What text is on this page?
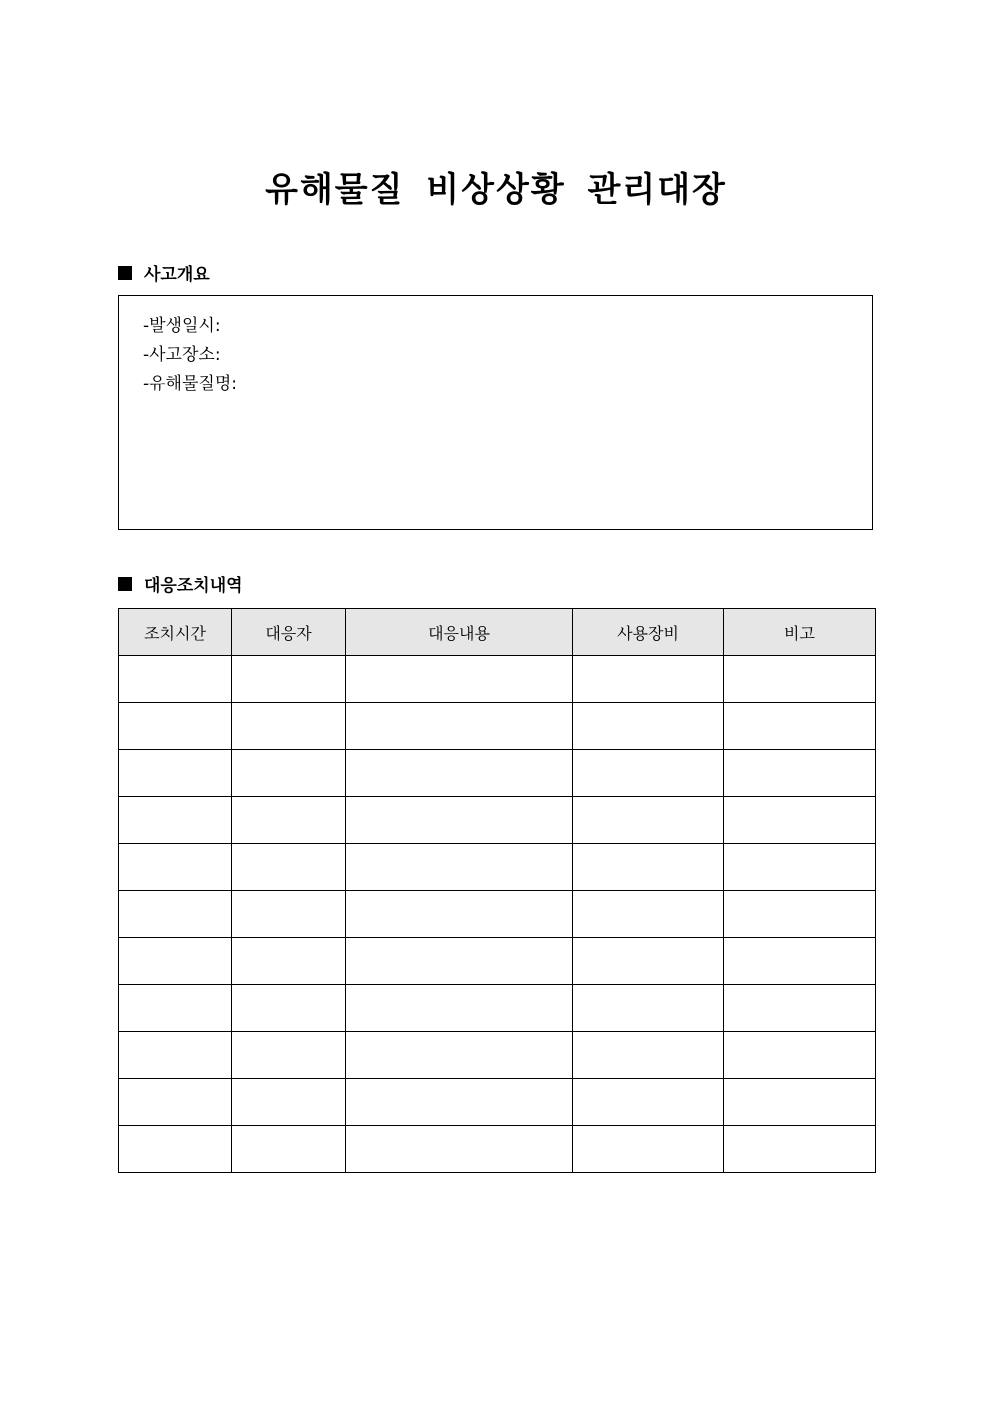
유해물질 비상상황 관리대장
사고개요
-발생일시:
-사고장소:
-유해물질명:
대응조치내역
조치시간	대응자	대응내용	사용장비	비고
